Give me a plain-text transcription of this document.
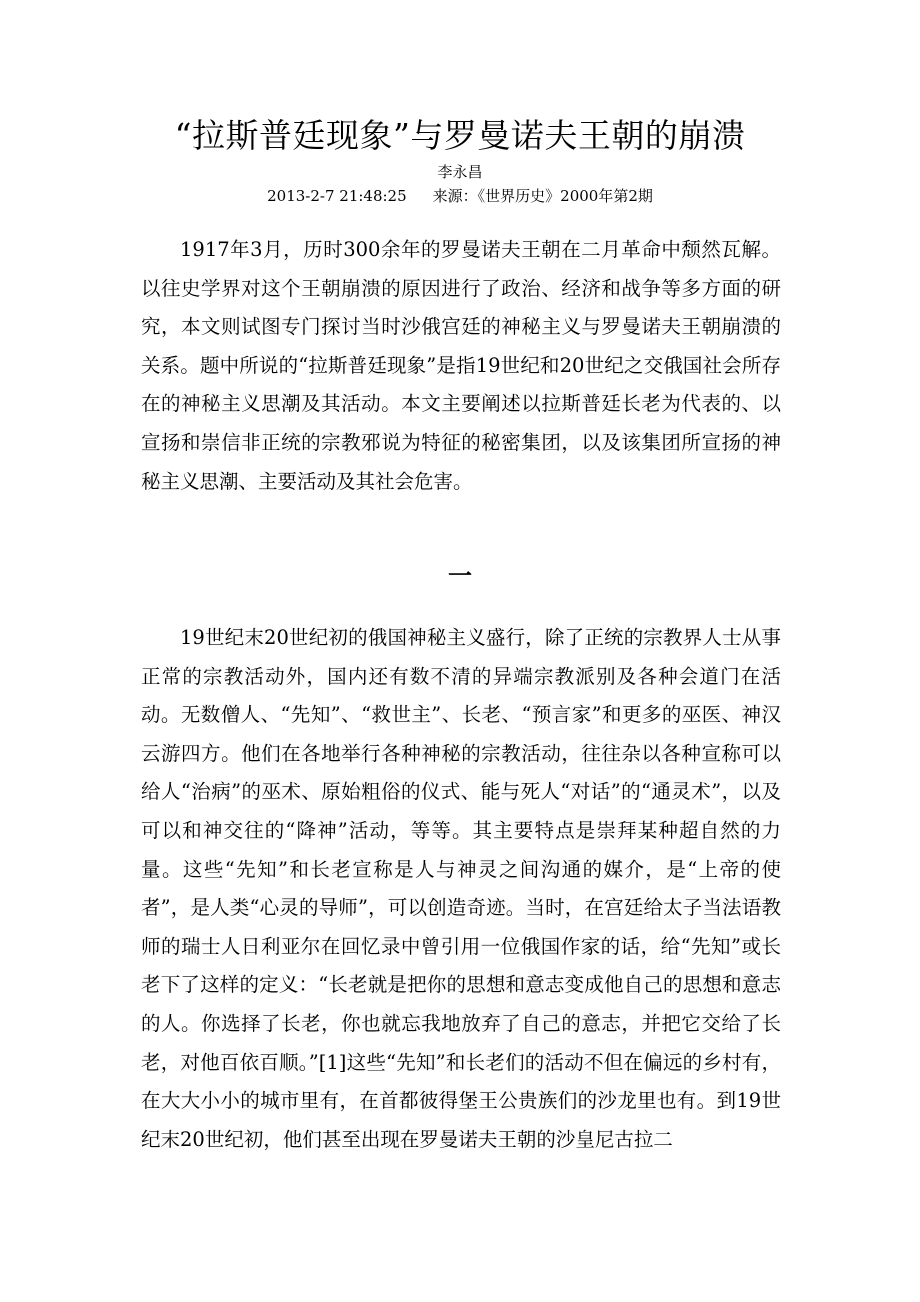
“拉斯普廷现象”与罗曼诺夫王朝的崩溃
李永昌
2013-2-7 21:48:25 来源：《世界历史》2000年第2期

1917年3月，历时300余年的罗曼诺夫王朝在二月革命中颓然瓦解。以往史学界对这个王朝崩溃的原因进行了政治、经济和战争等多方面的研究，本文则试图专门探讨当时沙俄宫廷的神秘主义与罗曼诺夫王朝崩溃的关系。题中所说的“拉斯普廷现象”是指19世纪和20世纪之交俄国社会所存在的神秘主义思潮及其活动。本文主要阐述以拉斯普廷长老为代表的、以宣扬和崇信非正统的宗教邪说为特征的秘密集团，以及该集团所宣扬的神秘主义思潮、主要活动及其社会危害。

一

19世纪末20世纪初的俄国神秘主义盛行，除了正统的宗教界人士从事正常的宗教活动外，国内还有数不清的异端宗教派别及各种会道门在活动。无数僧人、“先知”、“救世主”、长老、“预言家”和更多的巫医、神汉云游四方。他们在各地举行各种神秘的宗教活动，往往杂以各种宣称可以给人“治病”的巫术、原始粗俗的仪式、能与死人“对话”的“通灵术”，以及可以和神交往的“降神”活动，等等。其主要特点是崇拜某种超自然的力量。这些“先知”和长老宣称是人与神灵之间沟通的媒介，是“上帝的使者”，是人类“心灵的导师”，可以创造奇迹。当时，在宫廷给太子当法语教师的瑞士人日利亚尔在回忆录中曾引用一位俄国作家的话，给“先知”或长老下了这样的定义：“长老就是把你的思想和意志变成他自己的思想和意志的人。你选择了长老，你也就忘我地放弃了自己的意志，并把它交给了长老，对他百依百顺。”[1]这些“先知”和长老们的活动不但在偏远的乡村有，在大大小小的城市里有，在首都彼得堡王公贵族们的沙龙里也有。到19世纪末20世纪初，他们甚至出现在罗曼诺夫王朝的沙皇尼古拉二
